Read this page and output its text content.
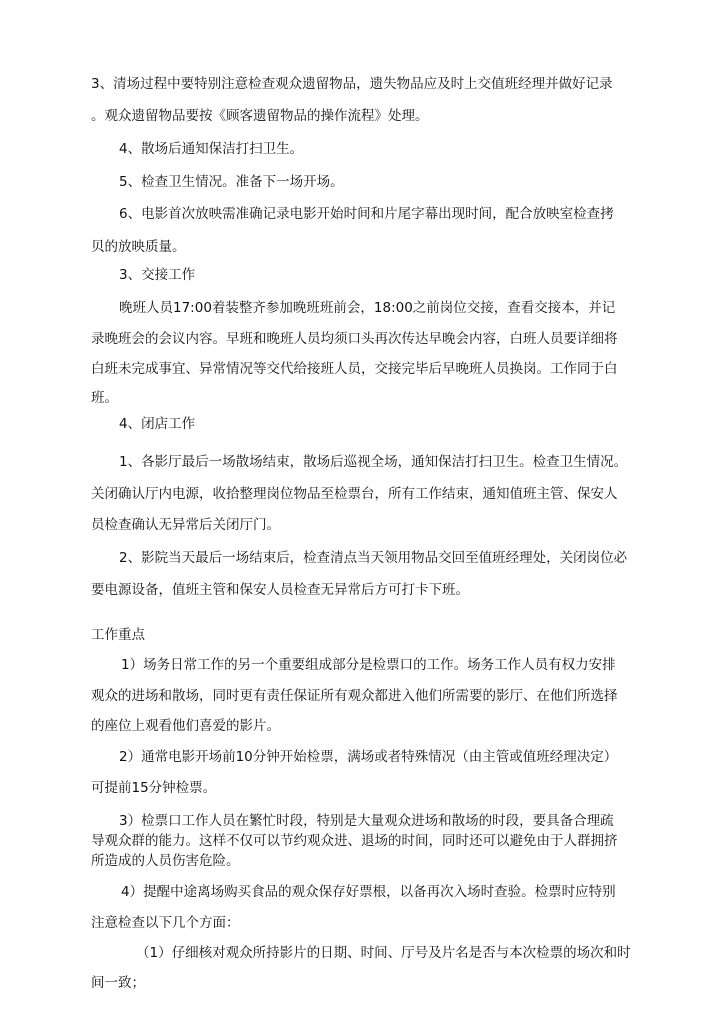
3、清场过程中要特别注意检查观众遗留物品，遗失物品应及时上交值班经理并做好记录
。观众遗留物品要按《顾客遗留物品的操作流程》处理。
4、散场后通知保洁打扫卫生。
5、检查卫生情况。准备下一场开场。
6、电影首次放映需准确记录电影开始时间和片尾字幕出现时间，配合放映室检查拷
贝的放映质量。
3、交接工作
晚班人员17:00着装整齐参加晚班班前会，18:00之前岗位交接，查看交接本，并记
录晚班会的会议内容。早班和晚班人员均须口头再次传达早晚会内容，白班人员要详细将
白班未完成事宜、异常情况等交代给接班人员，交接完毕后早晚班人员换岗。工作同于白
班。
4、闭店工作
1、各影厅最后一场散场结束，散场后巡视全场，通知保洁打扫卫生。检查卫生情况。
关闭确认厅内电源，收拾整理岗位物品至检票台，所有工作结束，通知值班主管、保安人
员检查确认无异常后关闭厅门。
2、影院当天最后一场结束后，检查清点当天领用物品交回至值班经理处，关闭岗位必
要电源设备，值班主管和保安人员检查无异常后方可打卡下班。
工作重点
1）场务日常工作的另一个重要组成部分是检票口的工作。场务工作人员有权力安排
观众的进场和散场，同时更有责任保证所有观众都进入他们所需要的影厅、在他们所选择
的座位上观看他们喜爱的影片。
2）通常电影开场前10分钟开始检票，满场或者特殊情况（由主管或值班经理决定）
可提前15分钟检票。
3）检票口工作人员在繁忙时段，特别是大量观众进场和散场的时段，要具备合理疏
导观众群的能力。这样不仅可以节约观众进、退场的时间，同时还可以避免由于人群拥挤
所造成的人员伤害危险。
4）提醒中途离场购买食品的观众保存好票根，以备再次入场时查验。检票时应特别
注意检查以下几个方面：
（1）仔细核对观众所持影片的日期、时间、厅号及片名是否与本次检票的场次和时
间一致；
